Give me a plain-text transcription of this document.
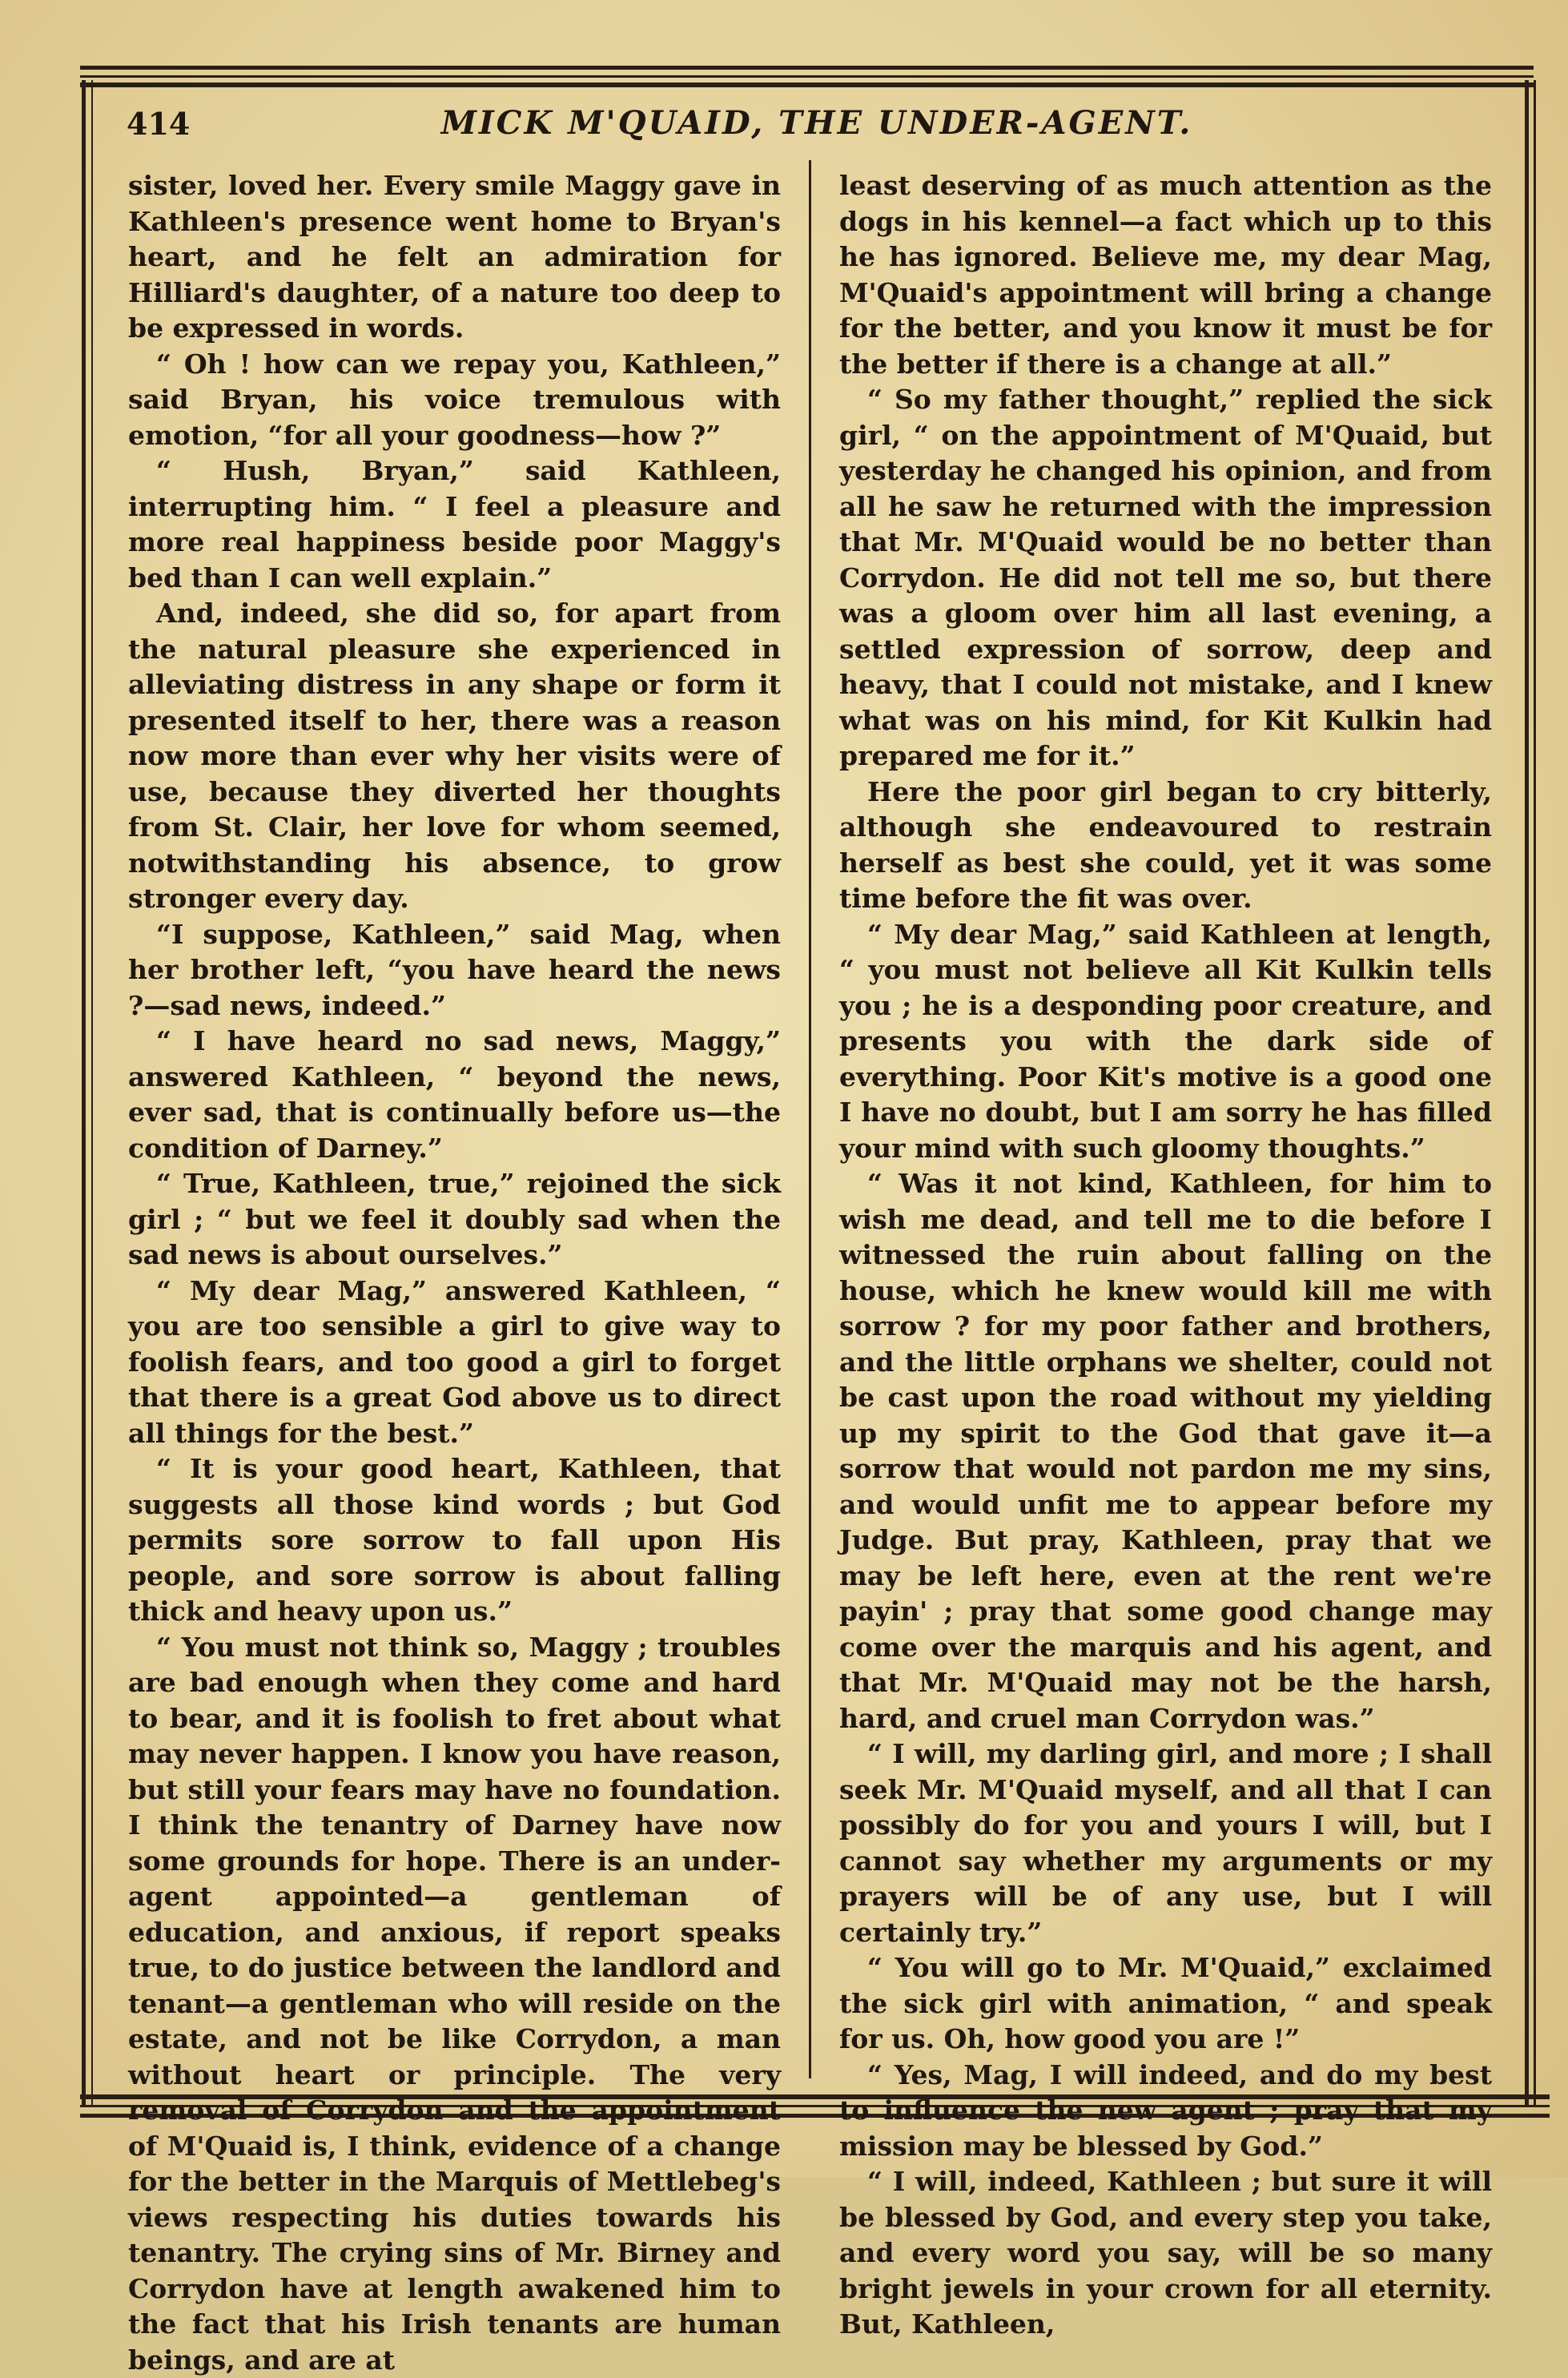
414	MICK M'QUAID, THE UNDER-AGENT.

sister, loved her. Every smile Maggy gave in Kathleen's presence went home to Bryan's heart, and he felt an admiration for Hilliard's daughter, of a nature too deep to be expressed in words.

“ Oh ! how can we repay you, Kathleen,” said Bryan, his voice tremulous with emotion, “for all your goodness—how ?”

“ Hush, Bryan,” said Kathleen, interrupting him. “ I feel a pleasure and more real happiness beside poor Maggy's bed than I can well explain.”

And, indeed, she did so, for apart from the natural pleasure she experienced in alleviating distress in any shape or form it presented itself to her, there was a reason now more than ever why her visits were of use, because they diverted her thoughts from St. Clair, her love for whom seemed, notwithstanding his absence, to grow stronger every day.

“I suppose, Kathleen,” said Mag, when her brother left, “you have heard the news ?—sad news, indeed.”

“ I have heard no sad news, Maggy,” answered Kathleen, “ beyond the news, ever sad, that is continually before us—the condition of Darney.”

“ True, Kathleen, true,” rejoined the sick girl ; “ but we feel it doubly sad when the sad news is about ourselves.”

“ My dear Mag,” answered Kathleen, “ you are too sensible a girl to give way to foolish fears, and too good a girl to forget that there is a great God above us to direct all things for the best.”

“ It is your good heart, Kathleen, that suggests all those kind words ; but God permits sore sorrow to fall upon His people, and sore sorrow is about falling thick and heavy upon us.”

“ You must not think so, Maggy ; troubles are bad enough when they come and hard to bear, and it is foolish to fret about what may never happen. I know you have reason, but still your fears may have no foundation. I think the tenantry of Darney have now some grounds for hope. There is an under-agent appointed—a gentleman of education, and anxious, if report speaks true, to do justice between the landlord and tenant—a gentleman who will reside on the estate, and not be like Corrydon, a man without heart or principle. The very removal of Corrydon and the appointment of M'Quaid is, I think, evidence of a change for the better in the Marquis of Mettlebeg's views respecting his duties towards his tenantry. The crying sins of Mr. Birney and Corrydon have at length awakened him to the fact that his Irish tenants are human beings, and are at

least deserving of as much attention as the dogs in his kennel—a fact which up to this he has ignored. Believe me, my dear Mag, M'Quaid's appointment will bring a change for the better, and you know it must be for the better if there is a change at all.”

“ So my father thought,” replied the sick girl, “ on the appointment of M'Quaid, but yesterday he changed his opinion, and from all he saw he returned with the impression that Mr. M'Quaid would be no better than Corrydon. He did not tell me so, but there was a gloom over him all last evening, a settled expression of sorrow, deep and heavy, that I could not mistake, and I knew what was on his mind, for Kit Kulkin had prepared me for it.”

Here the poor girl began to cry bitterly, although she endeavoured to restrain herself as best she could, yet it was some time before the fit was over.

“ My dear Mag,” said Kathleen at length, “ you must not believe all Kit Kulkin tells you ; he is a desponding poor creature, and presents you with the dark side of everything. Poor Kit's motive is a good one I have no doubt, but I am sorry he has filled your mind with such gloomy thoughts.”

“ Was it not kind, Kathleen, for him to wish me dead, and tell me to die before I witnessed the ruin about falling on the house, which he knew would kill me with sorrow ? for my poor father and brothers, and the little orphans we shelter, could not be cast upon the road without my yielding up my spirit to the God that gave it—a sorrow that would not pardon me my sins, and would unfit me to appear before my Judge. But pray, Kathleen, pray that we may be left here, even at the rent we're payin' ; pray that some good change may come over the marquis and his agent, and that Mr. M'Quaid may not be the harsh, hard, and cruel man Corrydon was.”

“ I will, my darling girl, and more ; I shall seek Mr. M'Quaid myself, and all that I can possibly do for you and yours I will, but I cannot say whether my arguments or my prayers will be of any use, but I will certainly try.”

“ You will go to Mr. M'Quaid,” exclaimed the sick girl with animation, “ and speak for us. Oh, how good you are !”

“ Yes, Mag, I will indeed, and do my best to influence the new agent ; pray that my mission may be blessed by God.”

“ I will, indeed, Kathleen ; but sure it will be blessed by God, and every step you take, and every word you say, will be so many bright jewels in your crown for all eternity. But, Kathleen,
